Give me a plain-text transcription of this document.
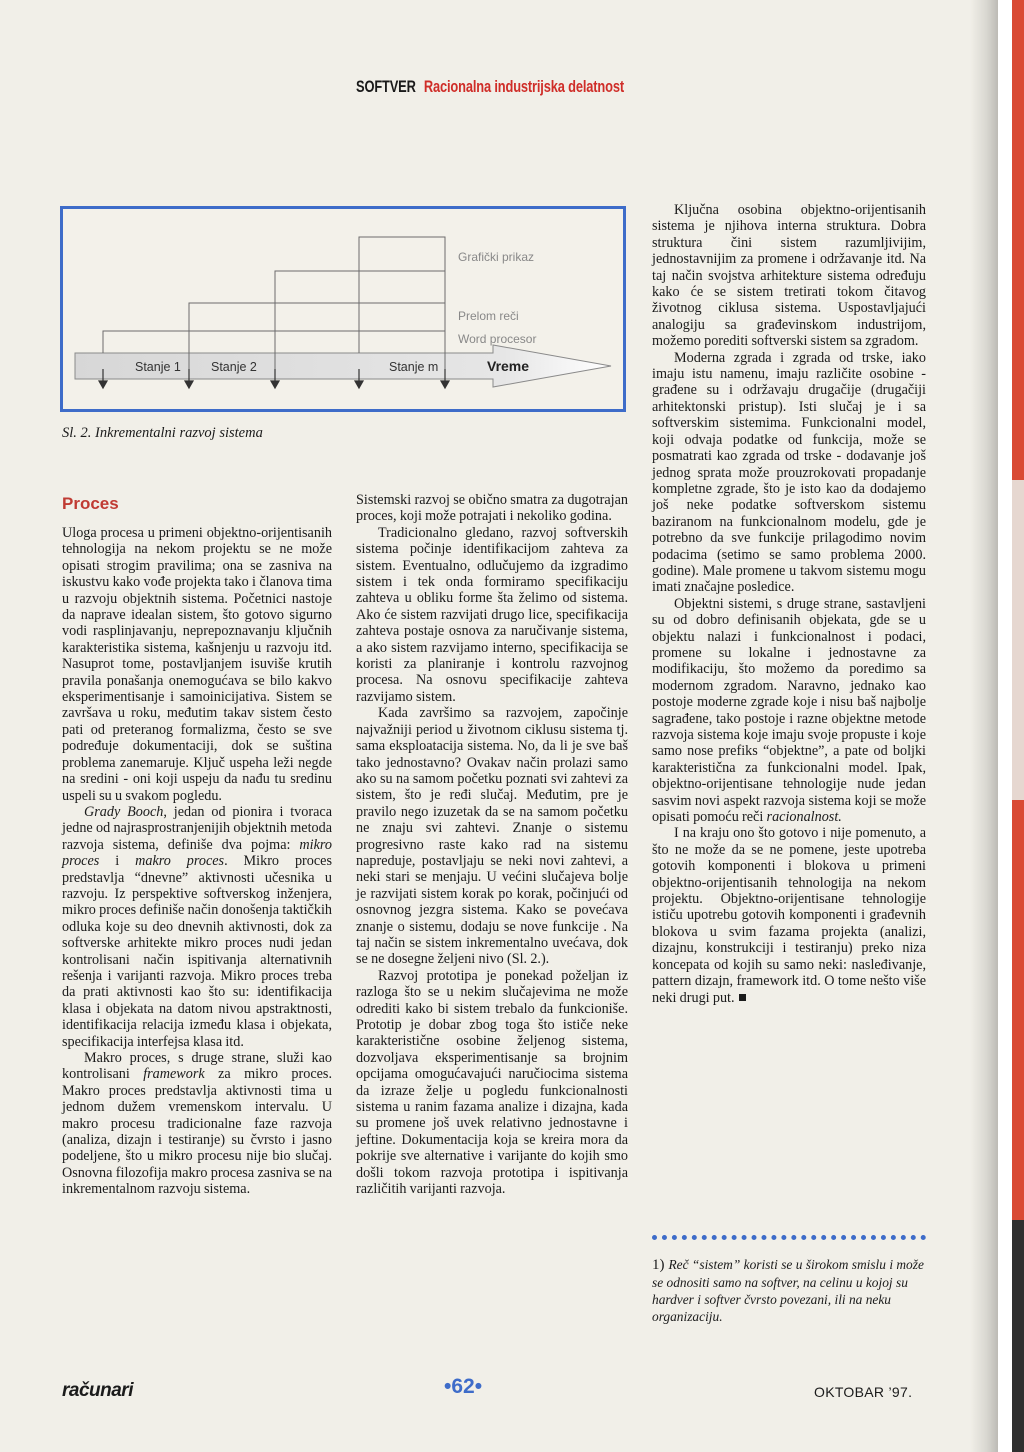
SOFTVER Racionalna industrijska delatnost
Stanje 1 Stanje 2	Stanje m	Vreme
Grafički prikaz
Prelom reči
Word procesor
Sl. 2. Inkrementalni razvoj sistema
Proces

Uloga procesa u primeni objektno-orijentisanih tehnologija na nekom projektu se ne može opisati strogim pravilima; ona se zasniva na iskustvu kako vođe projekta tako i članova tima u razvoju objektnih sistema. Početnici nastoje da naprave idealan sistem, što gotovo sigurno vodi rasplinjavanju, neprepoznavanju ključnih karakteristika sistema, kašnjenju u razvoju itd. Nasuprot tome, postavljanjem isuviše krutih pravila ponašanja onemogućava se bilo kakvo eksperimentisanje i samoinicijativa. Sistem se završava u roku, međutim takav sistem često pati od preteranog formalizma, često se sve podređuje dokumentaciji, dok se suština problema zanemaruje. Ključ uspeha leži negde na sredini - oni koji uspeju da nađu tu sredinu uspeli su u svakom pogledu.

Grady Booch, jedan od pionira i tvoraca jedne od najrasprostranjenijih objektnih metoda razvoja sistema, definiše dva pojma: mikro proces i makro proces. Mikro proces predstavlja “dnevne” aktivnosti učesnika u razvoju. Iz perspektive softverskog inženjera, mikro proces definiše način donošenja taktičkih odluka koje su deo dnevnih aktivnosti, dok za softverske arhitekte mikro proces nudi jedan kontrolisani način ispitivanja alternativnih rešenja i varijanti razvoja. Mikro proces treba da prati aktivnosti kao što su: identifikacija klasa i objekata na datom nivou apstraktnosti, identifikacija relacija između klasa i objekata, specifikacija interfejsa klasa itd.

Makro proces, s druge strane, služi kao kontrolisani framework za mikro proces. Makro proces predstavlja aktivnosti tima u jednom dužem vremenskom intervalu. U makro procesu tradicionalne faze razvoja (analiza, dizajn i testiranje) su čvrsto i jasno podeljene, što u mikro procesu nije bio slučaj. Osnovna filozofija makro procesa zasniva se na inkrementalnom razvoju sistema.

Sistemski razvoj se obično smatra za dugotrajan proces, koji može potrajati i nekoliko godina.

Tradicionalno gledano, razvoj softverskih sistema počinje identifikacijom zahteva za sistem. Eventualno, odlučujemo da izgradimo sistem i tek onda formiramo specifikaciju zahteva u obliku forme šta želimo od sistema. Ako će sistem razvijati drugo lice, specifikacija zahteva postaje osnova za naručivanje sistema, a ako sistem razvijamo interno, specifikacija se koristi za planiranje i kontrolu razvojnog procesa. Na osnovu specifikacije zahteva razvijamo sistem.

Kada završimo sa razvojem, započinje najvažniji period u životnom ciklusu sistema tj. sama eksploatacija sistema. No, da li je sve baš tako jednostavno? Ovakav način prolazi samo ako su na samom početku poznati svi zahtevi za sistem, što je ređi slučaj. Međutim, pre je pravilo nego izuzetak da se na samom početku ne znaju svi zahtevi. Znanje o sistemu progresivno raste kako rad na sistemu napreduje, postavljaju se neki novi zahtevi, a neki stari se menjaju. U većini slučajeva bolje je razvijati sistem korak po korak, počinjući od osnovnog jezgra sistema. Kako se povećava znanje o sistemu, dodaju se nove funkcije . Na taj način se sistem inkrementalno uvećava, dok se ne dosegne željeni nivo (Sl. 2.).

Razvoj prototipa je ponekad poželjan iz razloga što se u nekim slučajevima ne može odrediti kako bi sistem trebalo da funkcioniše. Prototip je dobar zbog toga što ističe neke karakteristične osobine željenog sistema, dozvoljava eksperimentisanje sa brojnim opcijama omogućavajući naručiocima sistema da izraze želje u pogledu funkcionalnosti sistema u ranim fazama analize i dizajna, kada su promene još uvek relativno jednostavne i jeftine. Dokumentacija koja se kreira mora da pokrije sve alternative i varijante do kojih smo došli tokom razvoja prototipa i ispitivanja različitih varijanti razvoja.

Ključna osobina objektno-orijentisanih sistema je njihova interna struktura. Dobra struktura čini sistem razumljivijim, jednostavnijim za promene i održavanje itd. Na taj način svojstva arhitekture sistema određuju kako će se sistem tretirati tokom čitavog životnog ciklusa sistema. Uspostavljajući analogiju sa građevinskom industrijom, možemo porediti softverski sistem sa zgradom.

Moderna zgrada i zgrada od trske, iako imaju istu namenu, imaju različite osobine - građene su i održavaju drugačije (drugačiji arhitektonski pristup). Isti slučaj je i sa softverskim sistemima. Funkcionalni model, koji odvaja podatke od funkcija, može se posmatrati kao zgrada od trske - dodavanje još jednog sprata može prouzrokovati propadanje kompletne zgrade, što je isto kao da dodajemo još neke podatke softverskom sistemu baziranom na funkcionalnom modelu, gde je potrebno da sve funkcije prilagodimo novim podacima (setimo se samo problema 2000. godine). Male promene u takvom sistemu mogu imati značajne posledice.

Objektni sistemi, s druge strane, sastavljeni su od dobro definisanih objekata, gde se u objektu nalazi i funkcionalnost i podaci, promene su lokalne i jednostavne za modifikaciju, što možemo da poredimo sa modernom zgradom. Naravno, jednako kao postoje moderne zgrade koje i nisu baš najbolje sagrađene, tako postoje i razne objektne metode razvoja sistema koje imaju svoje propuste i koje samo nose prefiks “objektne”, a pate od boljki karakteristična za funkcionalni model. Ipak, objektno-orijentisane tehnologije nude jedan sasvim novi aspekt razvoja sistema koji se može opisati pomoću reči racionalnost.

I na kraju ono što gotovo i nije pomenuto, a što ne može da se ne pomene, jeste upotreba gotovih komponenti i blokova u primeni objektno-orijentisanih tehnologija na nekom projektu. Objektno-orijentisane tehnologije ističu upotrebu gotovih komponenti i građevnih blokova u svim fazama projekta (analizi, dizajnu, konstrukciji i testiranju) preko niza koncepata od kojih su samo neki: nasleđivanje, pattern dizajn, framework itd. O tome nešto više neki drugi put.

1) Reč “sistem” koristi se u širokom smislu i može se odnositi samo na softver, na celinu u kojoj su hardver i softver čvrsto povezani, ili na neku organizaciju.
računari	•62•	OKTOBAR ’97.
